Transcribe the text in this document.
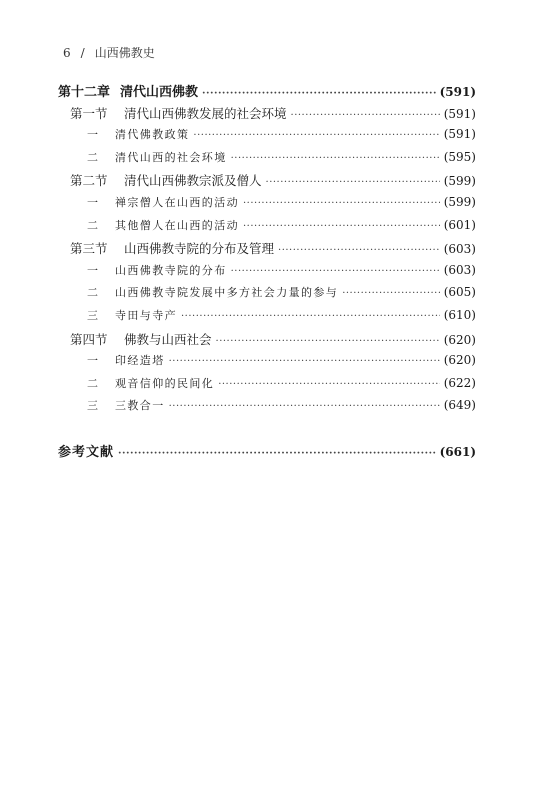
6 / 山西佛教史
第十二章 清代山西佛教 ·····	(591)
第一节	清代山西佛教发展的社会环境 ·····	(591)
一	清代佛教政策 ·····	(591)
二	清代山西的社会环境 ·····	(595)
第二节	清代山西佛教宗派及僧人 ·····	(599)
一	禅宗僧人在山西的活动 ·····	(599)
二	其他僧人在山西的活动 ·····	(601)
第三节	山西佛教寺院的分布及管理 ·····	(603)
一	山西佛教寺院的分布 ·····	(603)
二	山西佛教寺院发展中多方社会力量的参与 ·····	(605)
三	寺田与寺产 ·····	(610)
第四节	佛教与山西社会 ·····	(620)
一	印经造塔 ·····	(620)
二	观音信仰的民间化 ·····	(622)
三	三教合一 ·····	(649)
参考文献 ·····	(661)
